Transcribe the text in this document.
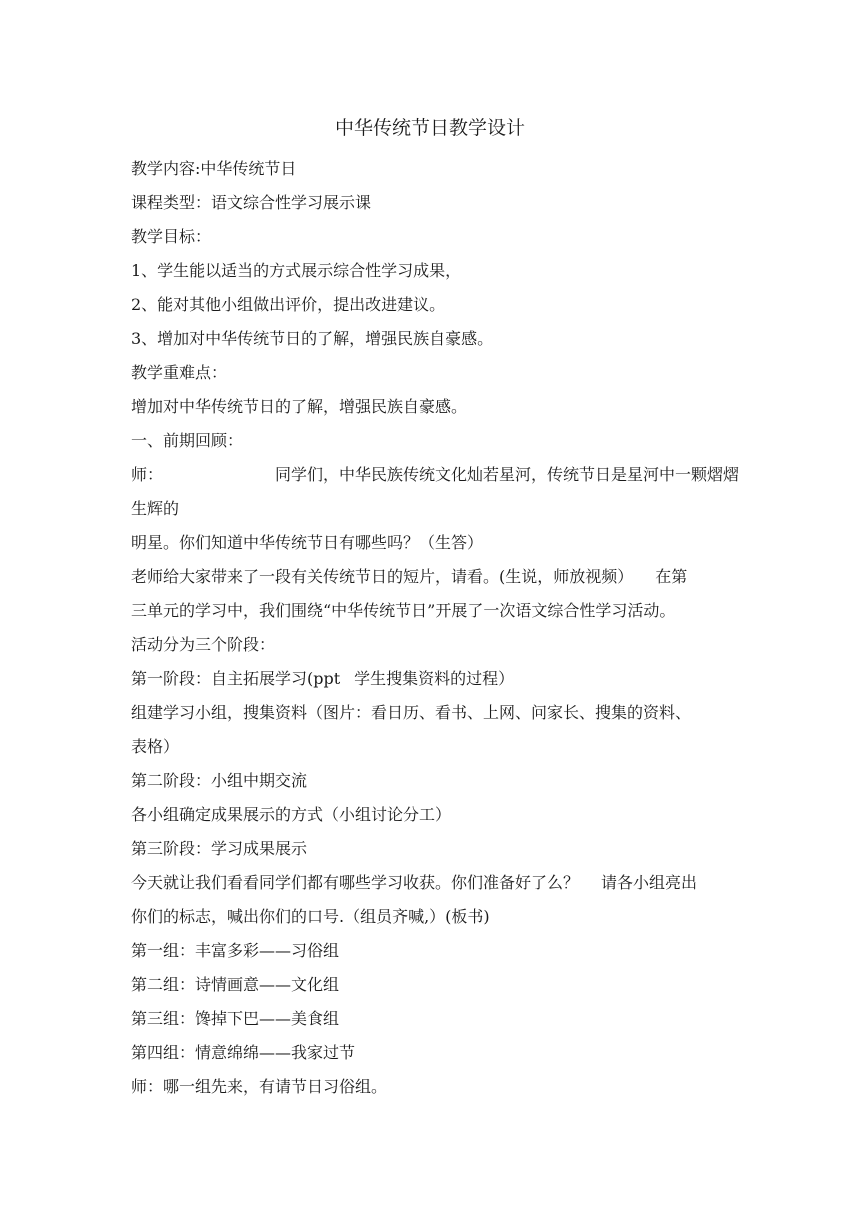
中华传统节日教学设计
教学内容:中华传统节日
课程类型：语文综合性学习展示课
教学目标：
1、学生能以适当的方式展示综合性学习成果，
2、能对其他小组做出评价，提出改进建议。
3、增加对中华传统节日的了解，增强民族自豪感。
教学重难点：
增加对中华传统节日的了解，增强民族自豪感。
一、前期回顾：
师：	同学们，中华民族传统文化灿若星河，传统节日是星河中一颗熠熠
生辉的
明星。你们知道中华传统节日有哪些吗？（生答）
老师给大家带来了一段有关传统节日的短片，请看。(生说，师放视频） 在第
三单元的学习中，我们围绕“中华传统节日”开展了一次语文综合性学习活动。
活动分为三个阶段：
第一阶段：自主拓展学习(ppt 学生搜集资料的过程）
组建学习小组，搜集资料（图片：看日历、看书、上网、问家长、搜集的资料、
表格）
第二阶段：小组中期交流
各小组确定成果展示的方式（小组讨论分工）
第三阶段：学习成果展示
今天就让我们看看同学们都有哪些学习收获。你们准备好了么？ 请各小组亮出
你们的标志，喊出你们的口号.（组员齐喊,）(板书)
第一组：丰富多彩——习俗组
第二组：诗情画意——文化组
第三组：馋掉下巴——美食组
第四组：情意绵绵——我家过节
师：哪一组先来，有请节日习俗组。
